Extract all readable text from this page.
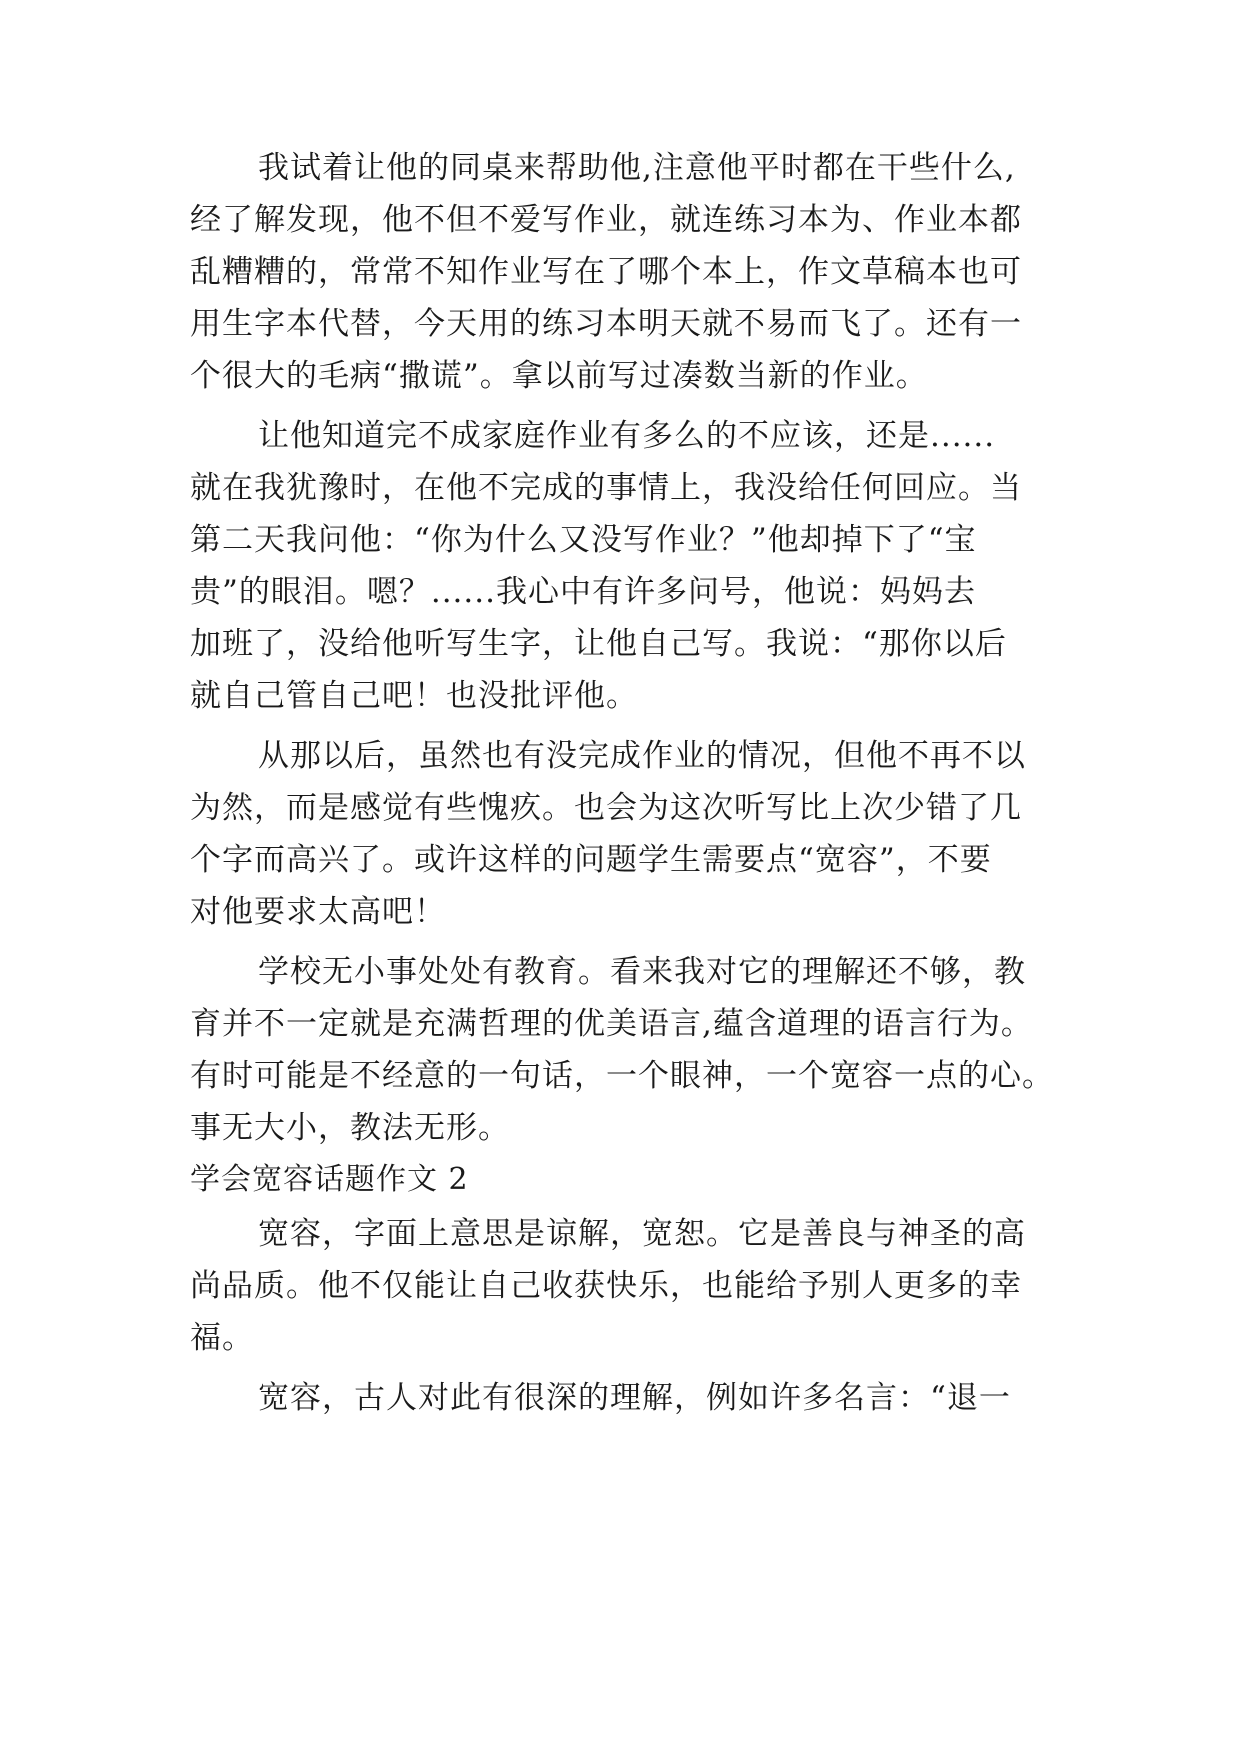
我试着让他的同桌来帮助他,注意他平时都在干些什么,
经了解发现，他不但不爱写作业，就连练习本为、作业本都
乱糟糟的，常常不知作业写在了哪个本上，作文草稿本也可
用生字本代替，今天用的练习本明天就不易而飞了。还有一
个很大的毛病“撒谎”。拿以前写过凑数当新的作业。
让他知道完不成家庭作业有多么的不应该，还是......
就在我犹豫时，在他不完成的事情上，我没给任何回应。当
第二天我问他：“你为什么又没写作业？”他却掉下了“宝
贵”的眼泪。嗯？......我心中有许多问号，他说：妈妈去
加班了，没给他听写生字，让他自己写。我说：“那你以后
就自己管自己吧！也没批评他。
从那以后，虽然也有没完成作业的情况，但他不再不以
为然，而是感觉有些愧疚。也会为这次听写比上次少错了几
个字而高兴了。或许这样的问题学生需要点“宽容”，不要
对他要求太高吧！
学校无小事处处有教育。看来我对它的理解还不够，教
育并不一定就是充满哲理的优美语言,蕴含道理的语言行为。
有时可能是不经意的一句话，一个眼神，一个宽容一点的心。
事无大小，教法无形。
学会宽容话题作文 2
宽容，字面上意思是谅解，宽恕。它是善良与神圣的高
尚品质。他不仅能让自己收获快乐，也能给予别人更多的幸
福。
宽容，古人对此有很深的理解，例如许多名言：“退一
